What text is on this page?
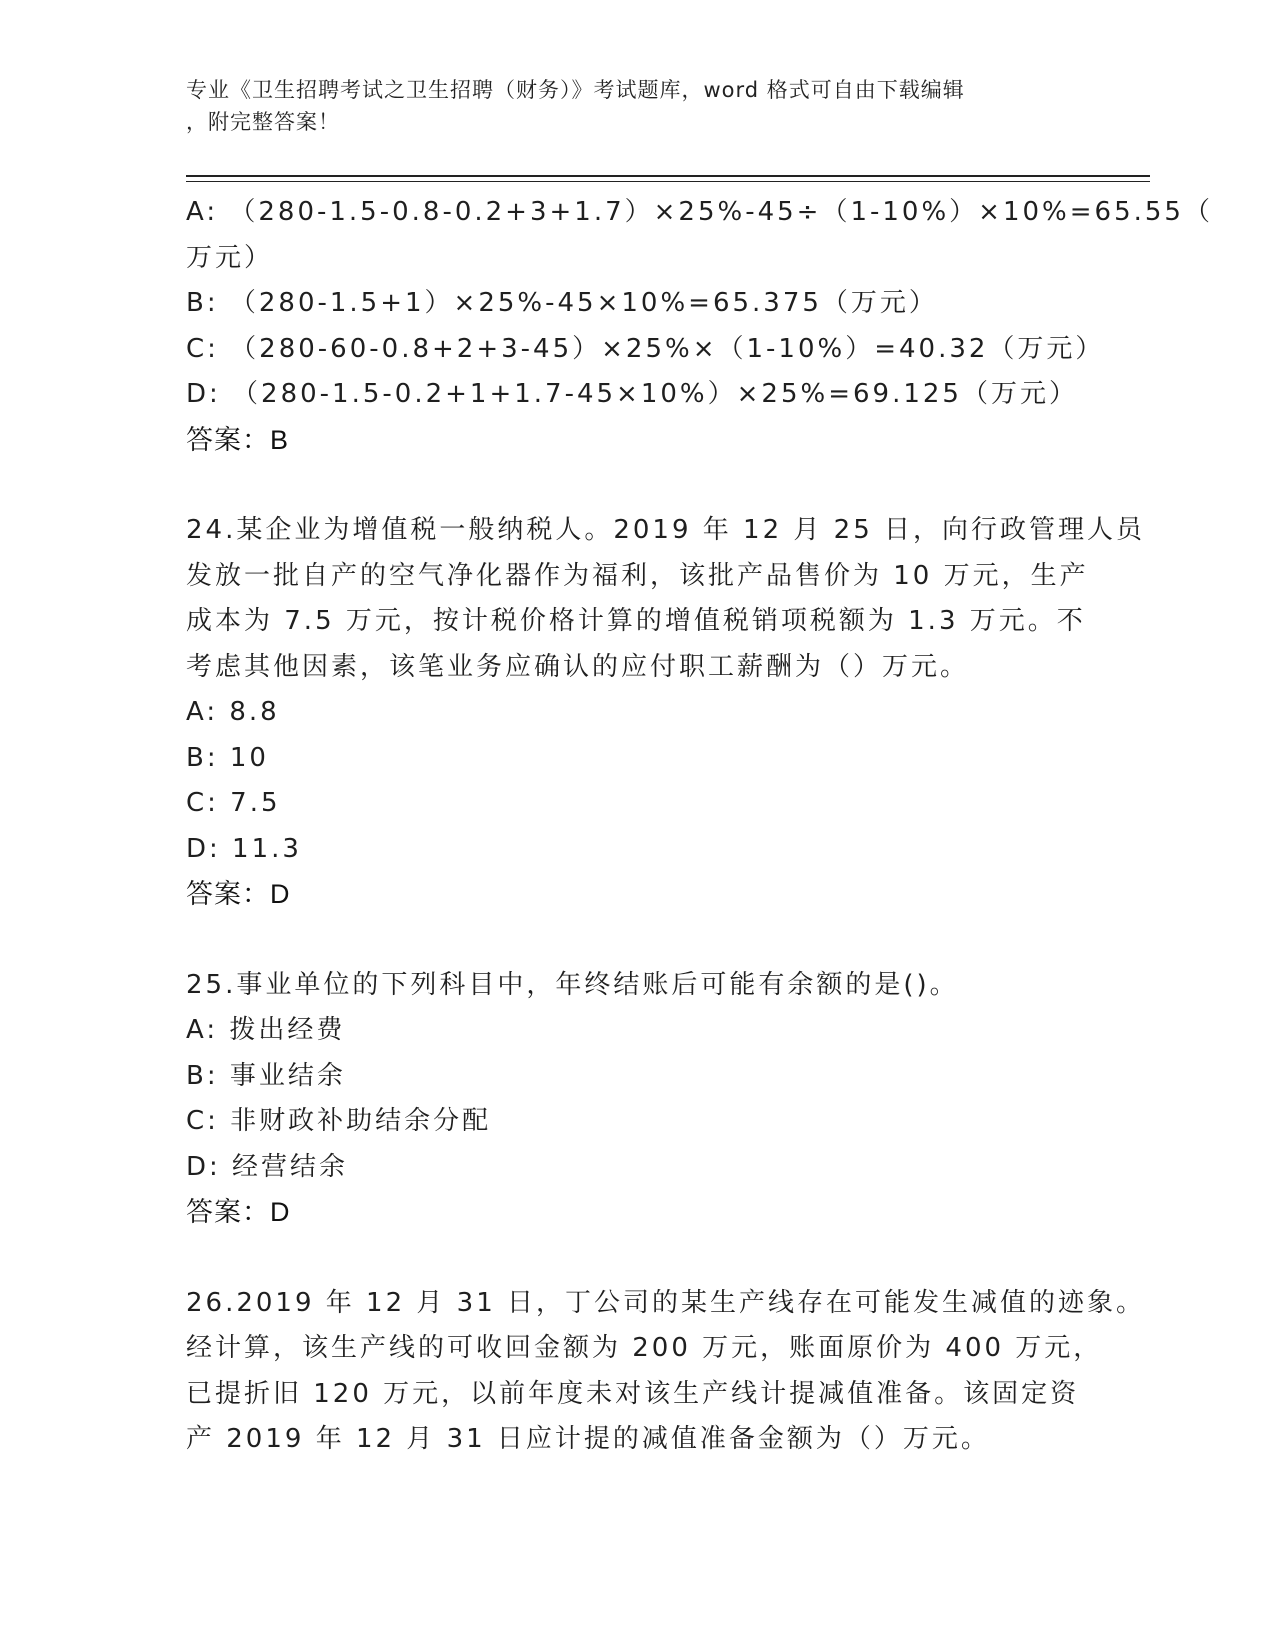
专业《卫生招聘考试之卫生招聘（财务）》考试题库，word 格式可自由下载编辑
，附完整答案！
A: （280-1.5-0.8-0.2+3+1.7）×25%-45÷（1-10%）×10%=65.55（
万元）
B: （280-1.5+1）×25%-45×10%=65.375（万元）
C: （280-60-0.8+2+3-45）×25%×（1-10%）=40.32（万元）
D: （280-1.5-0.2+1+1.7-45×10%）×25%=69.125（万元）
答案：B
24.某企业为增值税一般纳税人。2019 年 12 月 25 日，向行政管理人员
发放一批自产的空气净化器作为福利，该批产品售价为 10 万元，生产
成本为 7.5 万元，按计税价格计算的增值税销项税额为 1.3 万元。不
考虑其他因素，该笔业务应确认的应付职工薪酬为（）万元。
A: 8.8
B: 10
C: 7.5
D: 11.3
答案：D
25.事业单位的下列科目中，年终结账后可能有余额的是()。
A: 拨出经费
B: 事业结余
C: 非财政补助结余分配
D: 经营结余
答案：D
26.2019 年 12 月 31 日，丁公司的某生产线存在可能发生减值的迹象。
经计算，该生产线的可收回金额为 200 万元，账面原价为 400 万元，
已提折旧 120 万元，以前年度未对该生产线计提减值准备。该固定资
产 2019 年 12 月 31 日应计提的减值准备金额为（）万元。
